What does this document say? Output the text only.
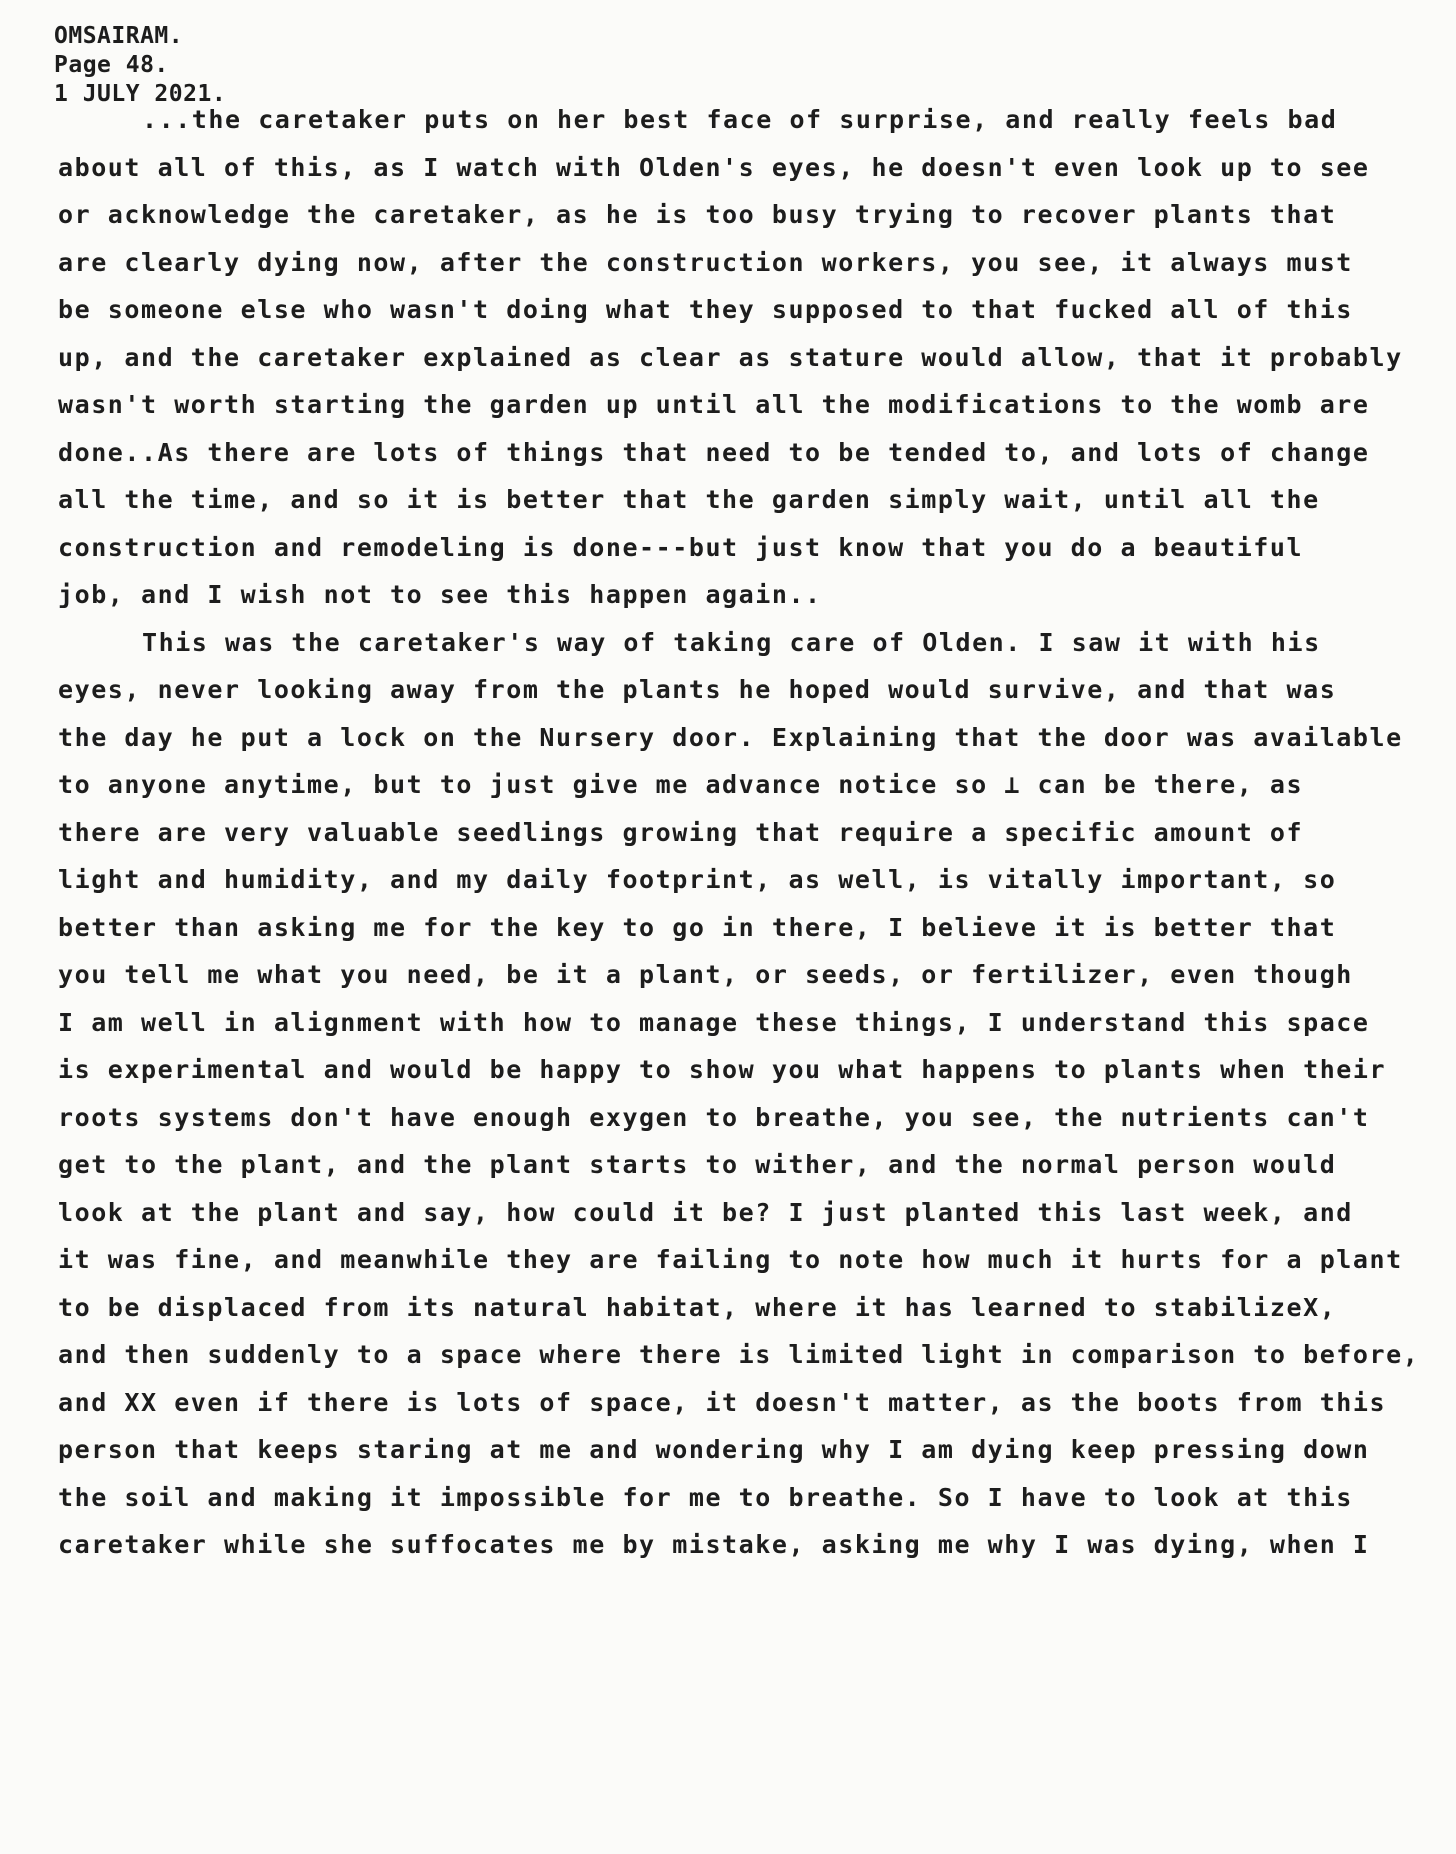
OMSAIRAM.
Page 48.
1 JULY 2021.
...the caretaker puts on her best face of surprise, and really feels bad
about all of this, as I watch with Olden's eyes, he doesn't even look up to see
or acknowledge the caretaker, as he is too busy trying to recover plants that
are clearly dying now, after the construction workers, you see, it always must
be someone else who wasn't doing what they supposed to that fucked all of this
up, and the caretaker explained as clear as stature would allow, that it probably
wasn't worth starting the garden up until all the modifications to the womb are
done..As there are lots of things that need to be tended to, and lots of change
all the time, and so it is better that the garden simply wait, until all the
construction and remodeling is done---but just know that you do a beautiful
job, and I wish not to see this happen again..
This was the caretaker's way of taking care of Olden. I saw it with his
eyes, never looking away from the plants he hoped would survive, and that was
the day he put a lock on the Nursery door. Explaining that the door was available
to anyone anytime, but to just give me advance notice so ⊥ can be there, as
there are very valuable seedlings growing that require a specific amount of
light and humidity, and my daily footprint, as well, is vitally important, so
better than asking me for the key to go in there, I believe it is better that
you tell me what you need, be it a plant, or seeds, or fertilizer, even though
I am well in alignment with how to manage these things, I understand this space
is experimental and would be happy to show you what happens to plants when their
roots systems don't have enough exygen to breathe, you see, the nutrients can't
get to the plant, and the plant starts to wither, and the normal person would
look at the plant and say, how could it be? I just planted this last week, and
it was fine, and meanwhile they are failing to note how much it hurts for a plant
to be displaced from its natural habitat, where it has learned to stabilizeX,
and then suddenly to a space where there is limited light in comparison to before,
and XX even if there is lots of space, it doesn't matter, as the boots from this
person that keeps staring at me and wondering why I am dying keep pressing down
the soil and making it impossible for me to breathe. So I have to look at this
caretaker while she suffocates me by mistake, asking me why I was dying, when I
